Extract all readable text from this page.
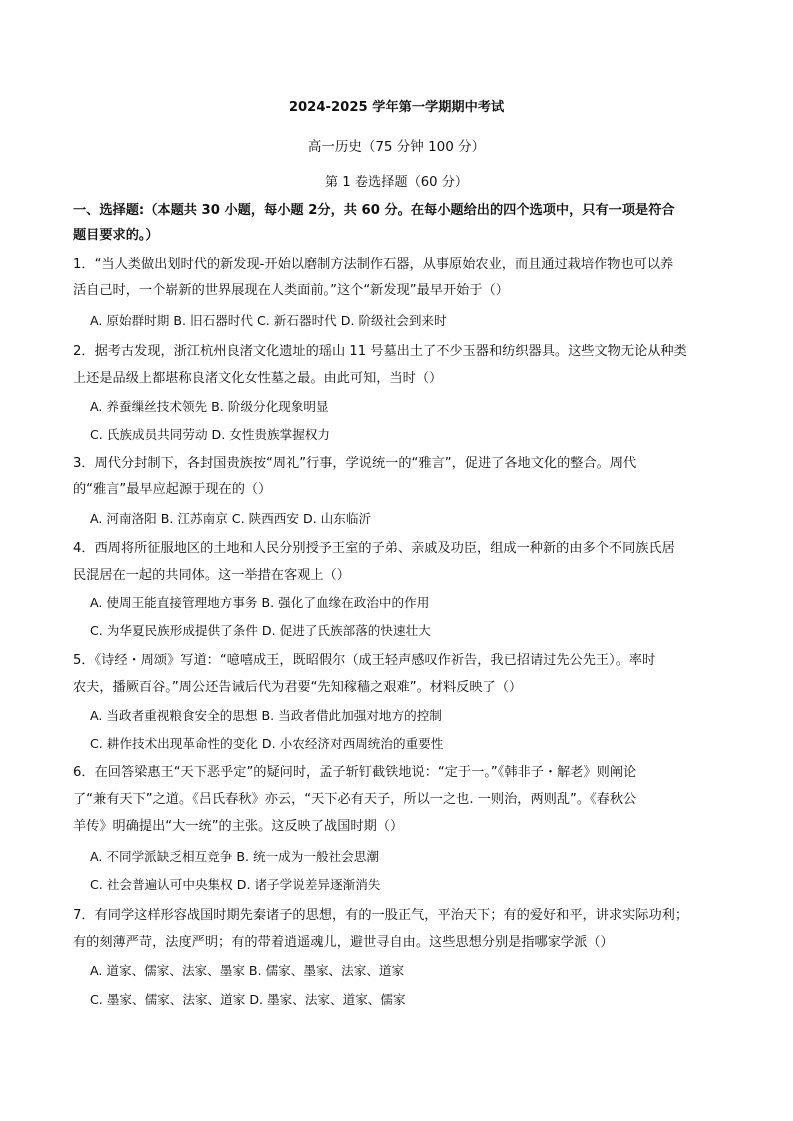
2024-2025 学年第一学期期中考试
高一历史（75 分钟 100 分）
一、选择题:（本题共 30 小题，每小题 2分，共 60 分。在每小题给出的四个选项中，只有一项是符合
题目要求的。）
1．“当人类做出划时代的新发现-开始以磨制方法制作石器，从事原始农业，而且通过栽培作物也可以养
活自己时，一个崭新的世界展现在人类面前。”这个“新发现”最早开始于（）
A. 原始群时期 B. 旧石器时代 C. 新石器时代 D. 阶级社会到来时
2．据考古发现，浙江杭州良渚文化遗址的瑶山 11 号墓出土了不少玉器和纺织器具。这些文物无论从种类
上还是品级上都堪称良渚文化女性墓之最。由此可知，当时（）
A. 养蚕缫丝技术领先 B. 阶级分化现象明显
C. 氏族成员共同劳动 D. 女性贵族掌握权力
3．周代分封制下，各封国贵族按“周礼”行事，学说统一的“雅言”，促进了各地文化的整合。周代
的“雅言”最早应起源于现在的（）
A. 河南洛阳 B. 江苏南京 C. 陕西西安 D. 山东临沂
4．西周将所征服地区的土地和人民分别授予王室的子弟、亲戚及功臣，组成一种新的由多个不同族氏居
民混居在一起的共同体。这一举措在客观上（）
A. 使周王能直接管理地方事务 B. 强化了血缘在政治中的作用
C. 为华夏民族形成提供了条件 D. 促进了氏族部落的快速壮大
5．《诗经・周颂》写道：“噫嘻成王，既昭假尔（成王轻声感叹作祈告，我已招请过先公先王）。率时
农夫，播厥百谷。”周公还告诫后代为君要“先知稼穑之艰难”。材料反映了（）
A. 当政者重视粮食安全的思想 B. 当政者借此加强对地方的控制
C. 耕作技术出现革命性的变化 D. 小农经济对西周统治的重要性
6．在回答梁惠王“天下恶乎定”的疑问时，孟子斩钉截铁地说：“定于一。”《韩非子・解老》则阐论
了“兼有天下”之道。《吕氏春秋》亦云，“天下必有天子，所以一之也. 一则治，两则乱”。《春秋公
羊传》明确提出“大一统”的主张。这反映了战国时期（）
A. 不同学派缺乏相互竞争 B. 统一成为一般社会思潮
C. 社会普遍认可中央集权 D. 诸子学说差异逐渐消失
7．有同学这样形容战国时期先秦诸子的思想，有的一股正气，平治天下；有的爱好和平，讲求实际功利；
有的刻薄严苛，法度严明；有的带着逍遥魂儿，避世寻自由。这些思想分别是指哪家学派（）
A. 道家、儒家、法家、墨家 B. 儒家、墨家、法家、道家
C. 墨家、儒家、法家、道家 D. 墨家、法家、道家、儒家
第 1 卷选择题（60 分）
